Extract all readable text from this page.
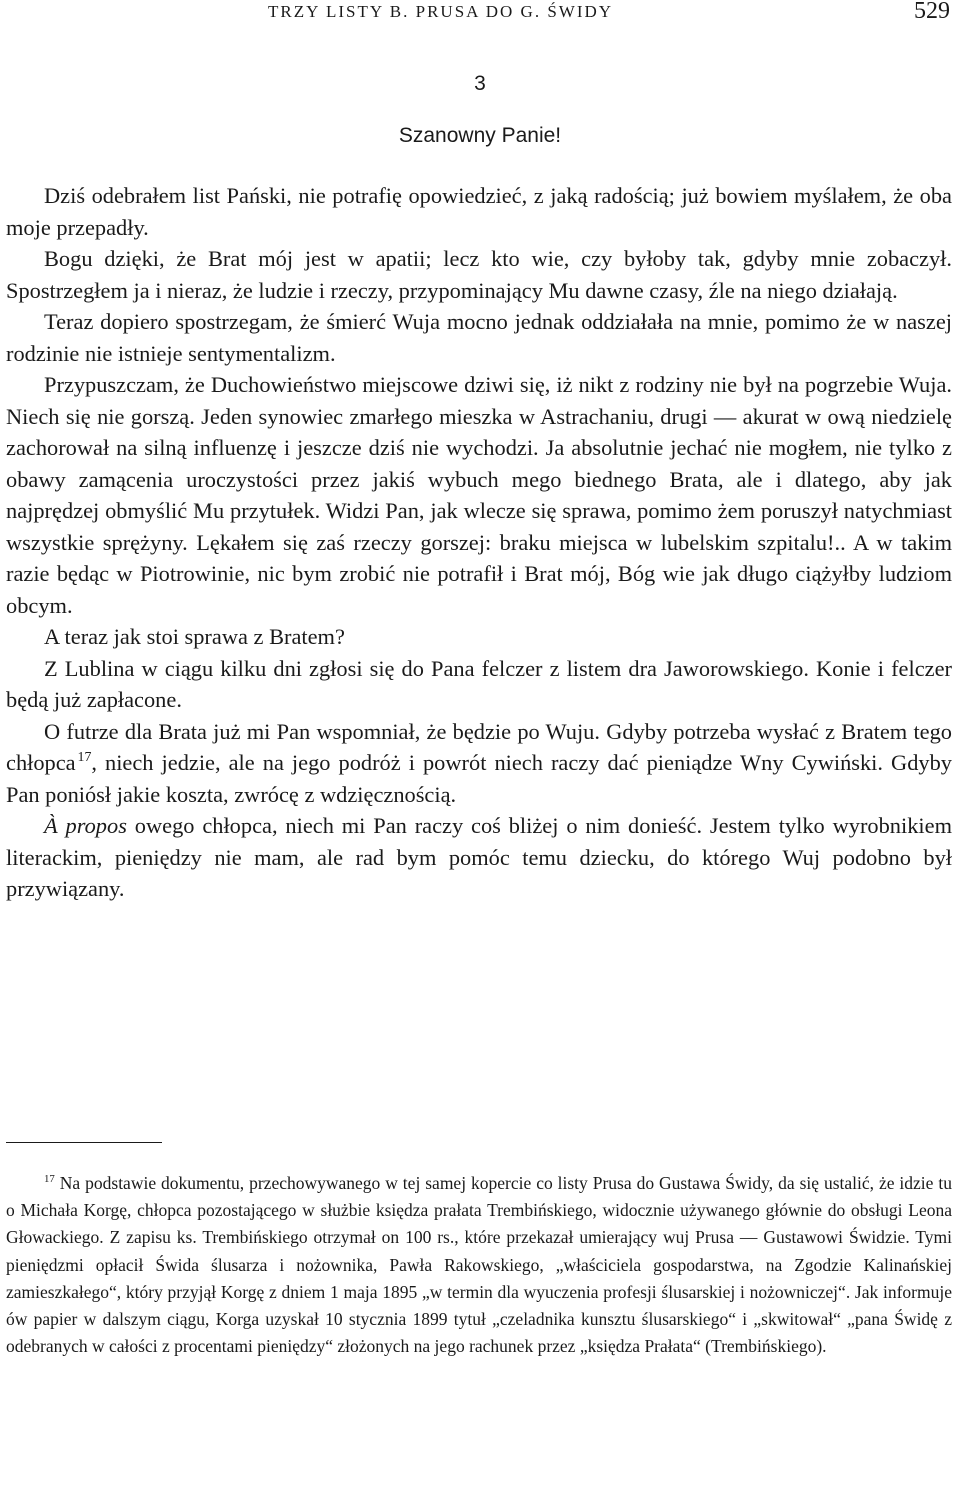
TRZY LISTY B. PRUSA DO G. ŚWIDY	529
3
Szanowny Panie!

Dziś odebrałem list Pański, nie potrafię opowiedzieć, z jaką radością; już bowiem myślałem, że oba moje przepadły.

Bogu dzięki, że Brat mój jest w apatii; lecz kto wie, czy byłoby tak, gdyby mnie zobaczył. Spostrzegłem ja i nieraz, że ludzie i rzeczy, przypominający Mu dawne czasy, źle na niego działają.

Teraz dopiero spostrzegam, że śmierć Wuja mocno jednak oddziałała na mnie, pomimo że w naszej rodzinie nie istnieje sentymentalizm.

Przypuszczam, że Duchowieństwo miejscowe dziwi się, iż nikt z rodziny nie był na pogrzebie Wuja. Niech się nie gorszą. Jeden synowiec zmarłego mieszka w Astrachaniu, drugi — akurat w ową niedzielę zachorował na silną influenzę i jeszcze dziś nie wychodzi. Ja absolutnie jechać nie mogłem, nie tylko z obawy zamącenia uroczystości przez jakiś wybuch mego biednego Brata, ale i dlatego, aby jak najprędzej obmyślić Mu przytułek. Widzi Pan, jak wlecze się sprawa, pomimo żem poruszył natychmiast wszystkie sprężyny. Lękałem się zaś rzeczy gorszej: braku miejsca w lubelskim szpitalu!.. A w takim razie będąc w Piotrowinie, nic bym zrobić nie potrafił i Brat mój, Bóg wie jak długo ciążyłby ludziom obcym.

A teraz jak stoi sprawa z Bratem?

Z Lublina w ciągu kilku dni zgłosi się do Pana felczer z listem dra Jaworowskiego. Konie i felczer będą już zapłacone.

O futrze dla Brata już mi Pan wspomniał, że będzie po Wuju. Gdyby potrzeba wysłać z Bratem tego chłopca  $^{17}$, niech jedzie, ale na jego podróż i powrót niech raczy dać pieniądze Wny Cywiński. Gdyby Pan poniósł jakie koszta, zwrócę z wdzięcznością.

À propos owego chłopca, niech mi Pan raczy coś bliżej o nim donieść. Jestem tylko wyrobnikiem literackim, pieniędzy nie mam, ale rad bym pomóc temu dziecku, do którego Wuj podobno był przywiązany.

$^{17}$ Na podstawie dokumentu, przechowywanego w tej samej kopercie co listy Prusa do Gustawa Świdy, da się ustalić, że idzie tu o Michała Korgę, chłopca pozostającego w służbie księdza prałata Trembińskiego, widocznie używanego głównie do obsługi Leona Głowackiego. Z zapisu ks. Trembińskiego otrzymał on 100 rs., które przekazał umierający wuj Prusa — Gustawowi Świdzie. Tymi pieniędzmi opłacił Świda ślusarza i nożownika, Pawła Rakowskiego, „właściciela gospodarstwa, na Zgodzie Kalinańskiej zamieszkałego“, który przyjął Korgę z dniem 1 maja 1895 „w termin dla wyuczenia profesji ślusarskiej i nożowniczej“. Jak informuje ów papier w dalszym ciągu, Korga uzyskał 10 stycznia 1899 tytuł „czeladnika kunsztu ślusarskiego“ i „skwitował“ „pana Świdę z odebranych w całości z procentami pieniędzy“ złożonych na jego rachunek przez „księdza Prałata“ (Trembińskiego).
